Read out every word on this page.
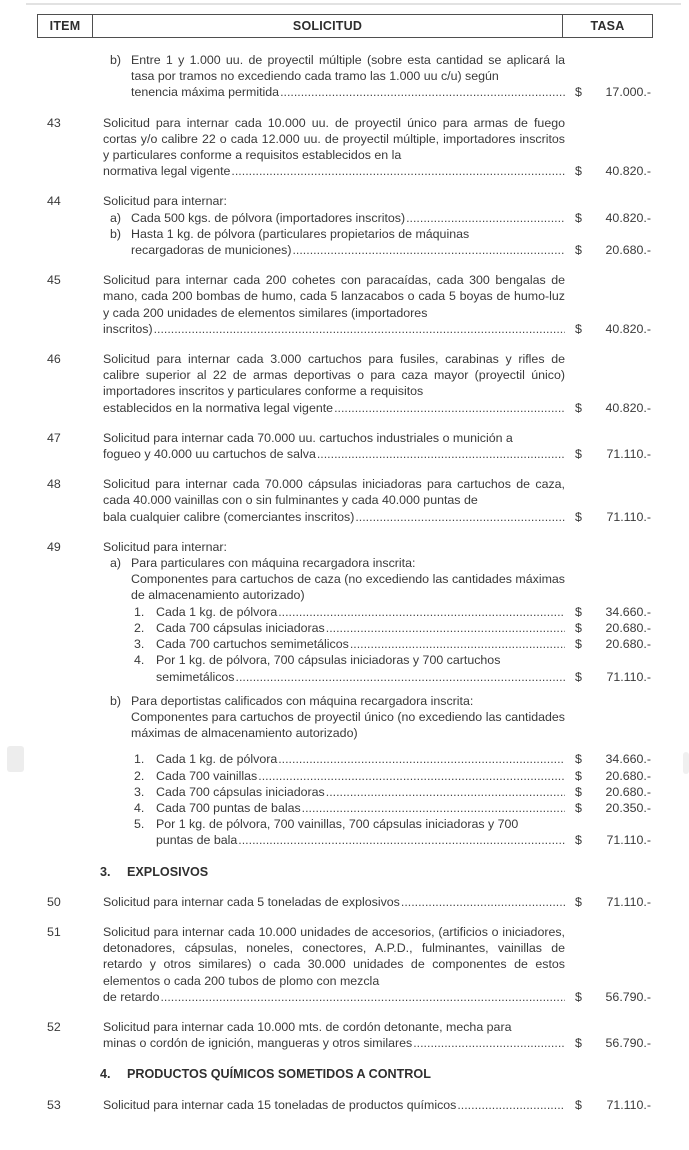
ITEM	SOLICITUD	TASA
b) Entre 1 y 1.000 uu. de proyectil múltiple (sobre esta cantidad se aplicará la tasa por tramos no excediendo cada tramo las 1.000 uu c/u) según
tenencia máxima permitida .....	$ 17.000.-
43	Solicitud para internar cada 10.000 uu. de proyectil único para armas de fuego cortas y/o calibre 22 o cada 12.000 uu. de proyectil múltiple, importadores inscritos y particulares conforme a requisitos establecidos en la
normativa legal vigente .....	$ 40.820.-
44	Solicitud para internar:
a) Cada 500 kgs. de pólvora (importadores inscritos) .....	$ 40.820.-
b) Hasta 1 kg. de pólvora (particulares propietarios de máquinas
recargadoras de municiones) .....	$ 20.680.-
45	Solicitud para internar cada 200 cohetes con paracaídas, cada 300 bengalas de mano, cada 200 bombas de humo, cada 5 lanzacabos o cada 5 boyas de humo-luz y cada 200 unidades de elementos similares (importadores
inscritos) .....	$ 40.820.-
46	Solicitud para internar cada 3.000 cartuchos para fusiles, carabinas y rifles de calibre superior al 22 de armas deportivas o para caza mayor (proyectil único) importadores inscritos y particulares conforme a requisitos
establecidos en la normativa legal vigente .....	$ 40.820.-
47	Solicitud para internar cada 70.000 uu. cartuchos industriales o munición a
fogueo y 40.000 uu cartuchos de salva .....	$ 71.110.-
48	Solicitud para internar cada 70.000 cápsulas iniciadoras para cartuchos de caza, cada 40.000 vainillas con o sin fulminantes y cada 40.000 puntas de
bala cualquier calibre (comerciantes inscritos) .....	$ 71.110.-
49	Solicitud para internar:
a) Para particulares con máquina recargadora inscrita:
Componentes para cartuchos de caza (no excediendo las cantidades máximas de almacenamiento autorizado)
1. Cada 1 kg. de pólvora .....	$ 34.660.-
2. Cada 700 cápsulas iniciadoras .....	$ 20.680.-
3. Cada 700 cartuchos semimetálicos .....	$ 20.680.-
4. Por 1 kg. de pólvora, 700 cápsulas iniciadoras y 700 cartuchos
semimetálicos .....	$ 71.110.-
b) Para deportistas calificados con máquina recargadora inscrita:
Componentes para cartuchos de proyectil único (no excediendo las cantidades máximas de almacenamiento autorizado)
1. Cada 1 kg. de pólvora .....	$ 34.660.-
2. Cada 700 vainillas .....	$ 20.680.-
3. Cada 700 cápsulas iniciadoras .....	$ 20.680.-
4. Cada 700 puntas de balas .....	$ 20.350.-
5. Por 1 kg. de pólvora, 700 vainillas, 700 cápsulas iniciadoras y 700
puntas de bala .....	$ 71.110.-
3. EXPLOSIVOS
50	Solicitud para internar cada 5 toneladas de explosivos .....	$ 71.110.-
51	Solicitud para internar cada 10.000 unidades de accesorios, (artificios o iniciadores, detonadores, cápsulas, noneles, conectores, A.P.D., fulminantes, vainillas de retardo y otros similares) o cada 30.000 unidades de componentes de estos elementos o cada 200 tubos de plomo con mezcla
de retardo .....	$ 56.790.-
52	Solicitud para internar cada 10.000 mts. de cordón detonante, mecha para
minas o cordón de ignición, mangueras y otros similares .....	$ 56.790.-
4. PRODUCTOS QUÍMICOS SOMETIDOS A CONTROL
53	Solicitud para internar cada 15 toneladas de productos químicos .....	$ 71.110.-
